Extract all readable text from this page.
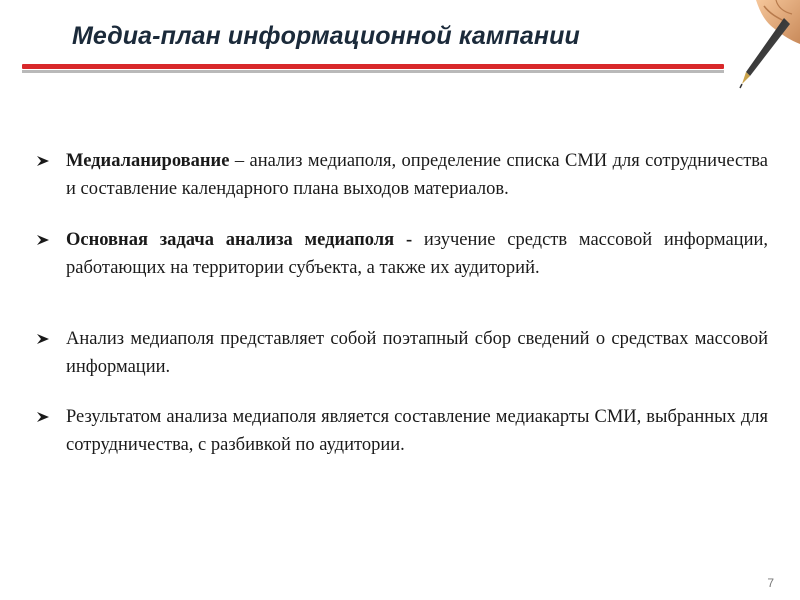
Медиа-план информационной кампании
Медиаланирование – анализ медиаполя, определение списка СМИ для сотрудничества и составление календарного плана выходов материалов.
Основная задача анализа медиаполя - изучение средств массовой информации, работающих на территории субъекта, а также их аудиторий.
Анализ медиаполя представляет собой поэтапный сбор сведений о средствах массовой информации.
Результатом анализа медиаполя является составление медиакарты СМИ, выбранных для сотрудничества, с разбивкой по аудитории.
7
